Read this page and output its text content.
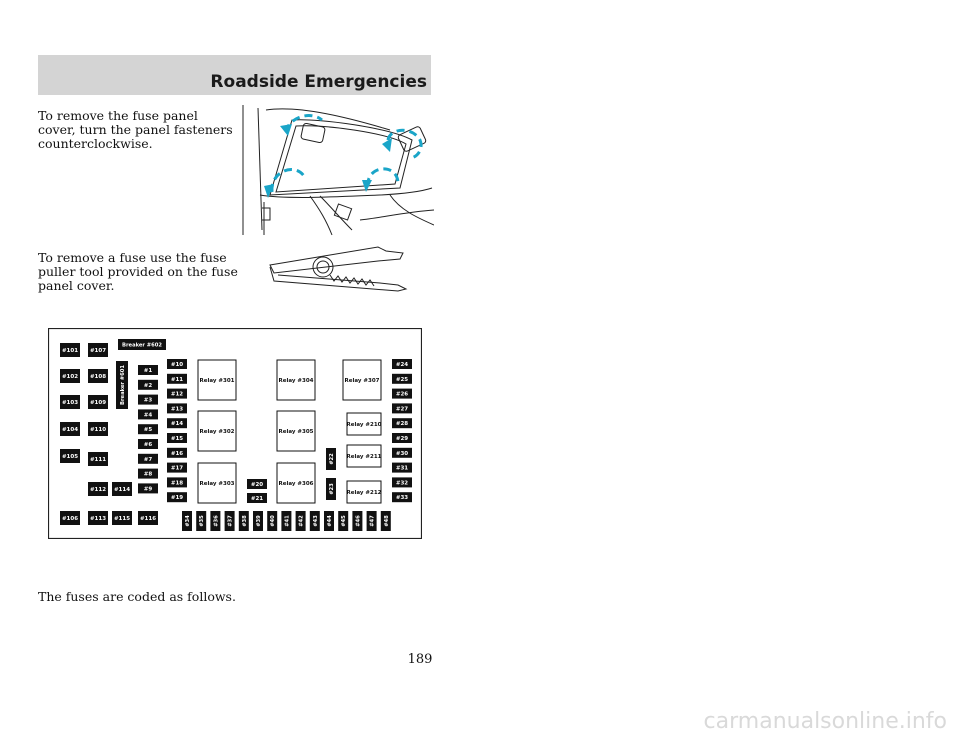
Roadside Emergencies
To remove the fuse panel cover, turn the panel fasteners counterclockwise.
To remove a fuse use the fuse puller tool provided on the fuse panel cover.
#101
#102
#103
#104
#105
#106
#107
#108
#109
#110
#111
#112
#113
#114
#115 #116
Breaker #602
Breaker #601	#1
#2
#3
#4
#5
#6
#7
#8
#9
#10
#11
#12
#13
#14
#15
#16
#17
#18
#19
Relay #301
Relay #302
Relay #303	#20
#21
Relay #304
Relay #305
Relay #306
#22
#23
Relay #307
Relay #210
Relay #211
Relay #212
#24
#25
#26
#27
#28
#29
#30
#31
#32
#33
#34 #35 #36 #37 #38 #39 #40 #41 #42 #43 #44 #45 #46 #47 #48
The fuses are coded as follows.
189
carmanualsonline.info
